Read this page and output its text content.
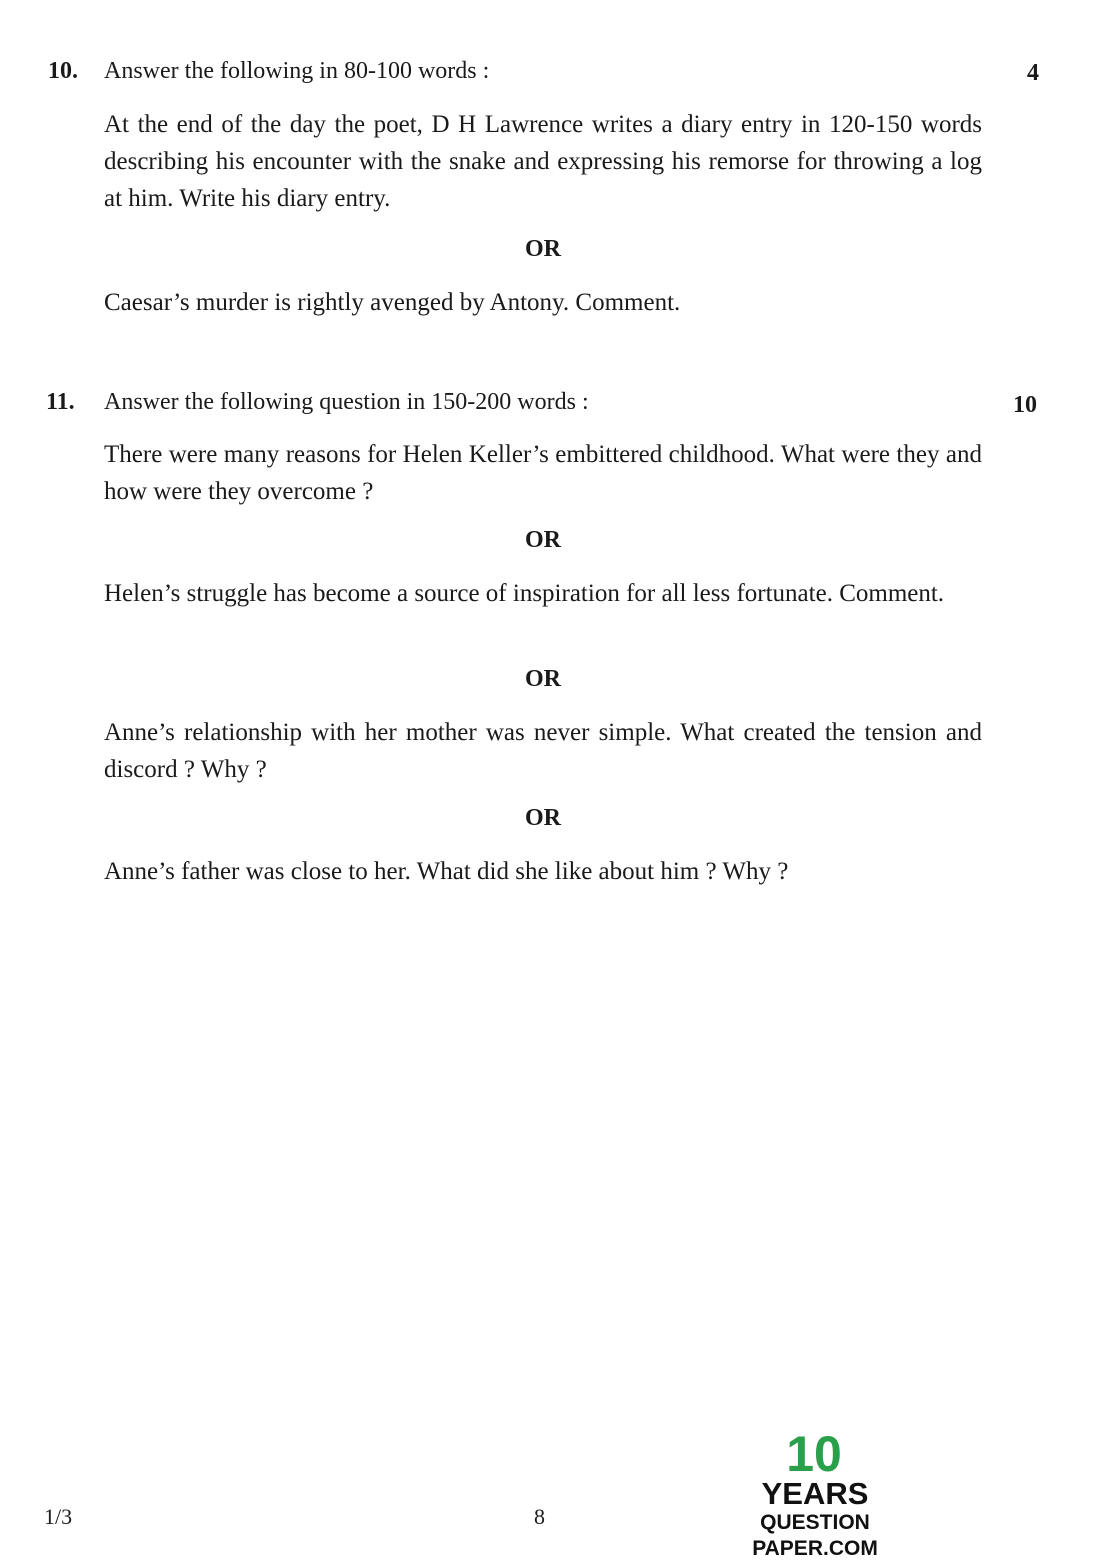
10. Answer the following in 80-100 words :	4
At the end of the day the poet, D H Lawrence writes a diary entry in 120-150 words describing his encounter with the snake and expressing his remorse for throwing a log at him. Write his diary entry.
OR
Caesar’s murder is rightly avenged by Antony. Comment.
11. Answer the following question in 150-200 words :	10
There were many reasons for Helen Keller’s embittered childhood. What were they and how were they overcome ?
OR
Helen’s struggle has become a source of inspiration for all less fortunate. Comment.
OR
Anne’s relationship with her mother was never simple. What created the tension and discord ? Why ?
OR
Anne’s father was close to her. What did she like about him ? Why ?
1/3	8
10
YEARS
QUESTION PAPER.COM
